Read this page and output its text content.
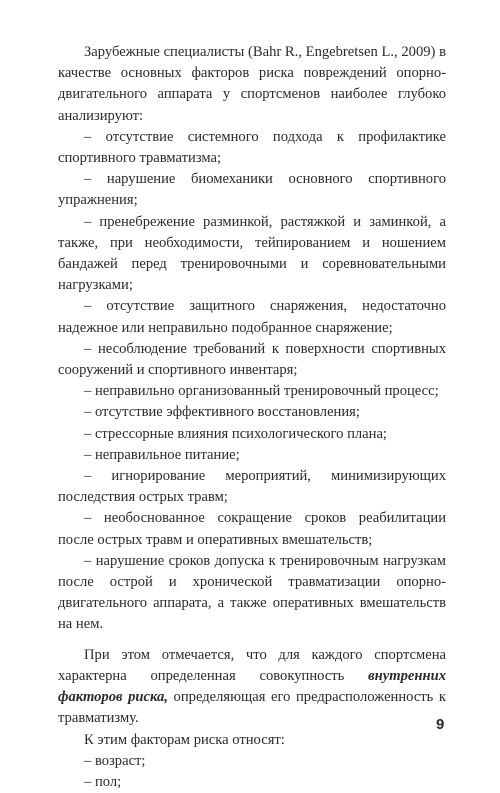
Зарубежные специалисты (Bahr R., Engebretsen L., 2009) в качестве основных факторов риска повреждений опорно-двигательного аппарата у спортсменов наиболее глубоко анализируют:

– отсутствие системного подхода к профилактике спортивного травматизма;

– нарушение биомеханики основного спортивного упражнения;

– пренебрежение разминкой, растяжкой и заминкой, а также, при необходимости, тейпированием и ношением бандажей перед тренировочными и соревновательными нагрузками;

– отсутствие защитного снаряжения, недостаточно надежное или неправильно подобранное снаряжение;

– несоблюдение требований к поверхности спортивных сооружений и спортивного инвентаря;

– неправильно организованный тренировочный процесс;

– отсутствие эффективного восстановления;

– стрессорные влияния психологического плана;

– неправильное питание;

– игнорирование мероприятий, минимизирующих последствия острых травм;

– необоснованное сокращение сроков реабилитации после острых травм и оперативных вмешательств;

– нарушение сроков допуска к тренировочным нагрузкам после острой и хронической травматизации опорно-двигательного аппарата, а также оперативных вмешательств на нем.

При этом отмечается, что для каждого спортсмена характерна определенная совокупность внутренних факторов риска, определяющая его предрасположенность к травматизму.

К этим факторам риска относят:

– возраст;

– пол;

9
